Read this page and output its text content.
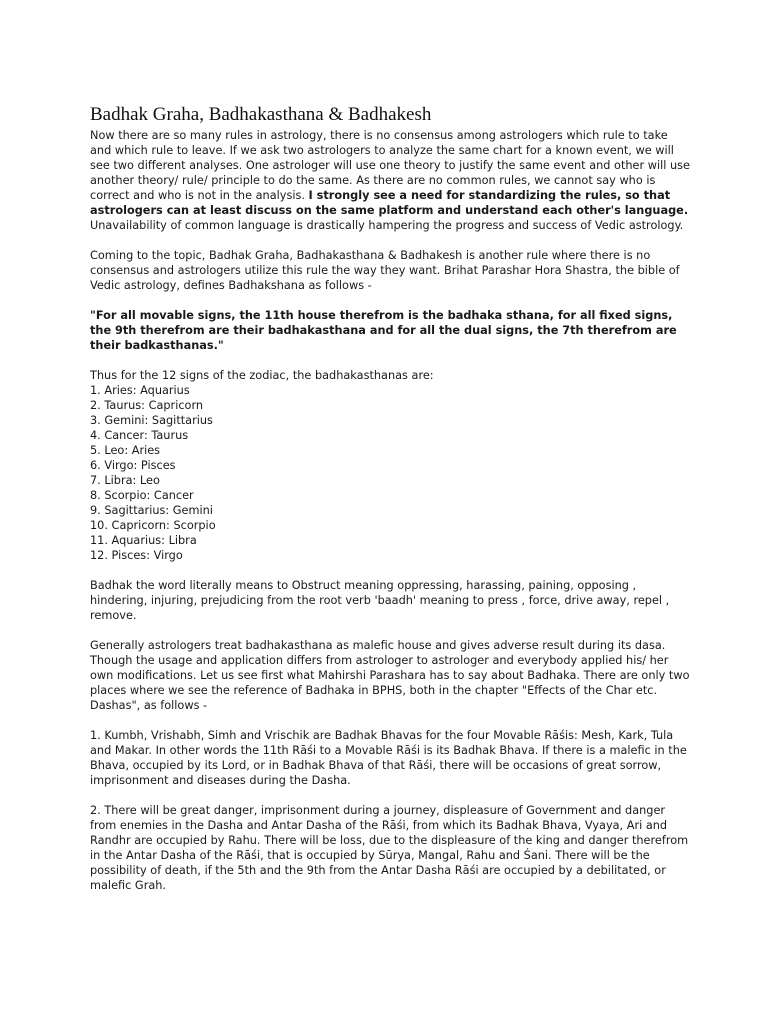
Badhak Graha, Badhakasthana & Badhakesh

Now there are so many rules in astrology, there is no consensus among astrologers which rule to take and which rule to leave. If we ask two astrologers to analyze the same chart for a known event, we will see two different analyses. One astrologer will use one theory to justify the same event and other will use another theory/ rule/ principle to do the same. As there are no common rules, we cannot say who is correct and who is not in the analysis. I strongly see a need for standardizing the rules, so that astrologers can at least discuss on the same platform and understand each other's language. Unavailability of common language is drastically hampering the progress and success of Vedic astrology.

Coming to the topic, Badhak Graha, Badhakasthana & Badhakesh is another rule where there is no consensus and astrologers utilize this rule the way they want. Brihat Parashar Hora Shastra, the bible of Vedic astrology, defines Badhakshana as follows -

"For all movable signs, the 11th house therefrom is the badhaka sthana, for all fixed signs, the 9th therefrom are their badhakasthana and for all the dual signs, the 7th therefrom are their badkasthanas."

Thus for the 12 signs of the zodiac, the badhakasthanas are:
1. Aries: Aquarius
2. Taurus: Capricorn
3. Gemini: Sagittarius
4. Cancer: Taurus
5. Leo: Aries
6. Virgo: Pisces
7. Libra: Leo
8. Scorpio: Cancer
9. Sagittarius: Gemini
10. Capricorn: Scorpio
11. Aquarius: Libra
12. Pisces: Virgo

Badhak the word literally means to Obstruct meaning oppressing, harassing, paining, opposing , hindering, injuring, prejudicing from the root verb 'baadh' meaning to press , force, drive away, repel , remove.

Generally astrologers treat badhakasthana as malefic house and gives adverse result during its dasa. Though the usage and application differs from astrologer to astrologer and everybody applied his/ her own modifications. Let us see first what Mahirshi Parashara has to say about Badhaka. There are only two places where we see the reference of Badhaka in BPHS, both in the chapter "Effects of the Char etc. Dashas", as follows -

1. Kumbh, Vrishabh, Simh and Vrischik are Badhak Bhavas for the four Movable Rāśis: Mesh, Kark, Tula and Makar. In other words the 11th Rāśi to a Movable Rāśi is its Badhak Bhava. If there is a malefic in the Bhava, occupied by its Lord, or in Badhak Bhava of that Rāśi, there will be occasions of great sorrow, imprisonment and diseases during the Dasha.

2. There will be great danger, imprisonment during a journey, displeasure of Government and danger from enemies in the Dasha and Antar Dasha of the Rāśi, from which its Badhak Bhava, Vyaya, Ari and Randhr are occupied by Rahu. There will be loss, due to the displeasure of the king and danger therefrom in the Antar Dasha of the Rāśi, that is occupied by Sūrya, Mangal, Rahu and Śani. There will be the possibility of death, if the 5th and the 9th from the Antar Dasha Rāśi are occupied by a debilitated, or malefic Grah.
